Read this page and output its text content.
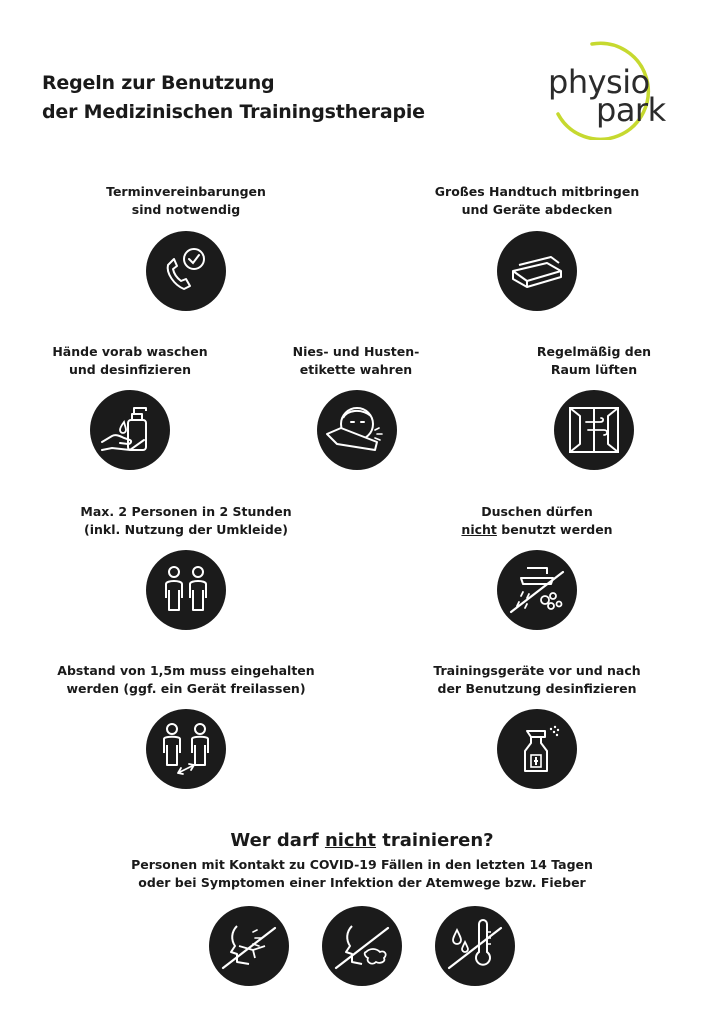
Regeln zur Benutzung
der Medizinischen Trainingstherapie
physio
park
Terminvereinbarungen
sind notwendig
Großes Handtuch mitbringen
und Geräte abdecken
Hände vorab waschen
und desinfizieren
Nies- und Husten-
etikette wahren
Regelmäßig den
Raum lüften
Max. 2 Personen in 2 Stunden
(inkl. Nutzung der Umkleide)
Duschen dürfen
nicht benutzt werden
Abstand von 1,5m muss eingehalten
werden (ggf. ein Gerät freilassen)
Trainingsgeräte vor und nach
der Benutzung desinfizieren
Wer darf nicht trainieren?
Personen mit Kontakt zu COVID-19 Fällen in den letzten 14 Tagen
oder bei Symptomen einer Infektion der Atemwege bzw. Fieber
